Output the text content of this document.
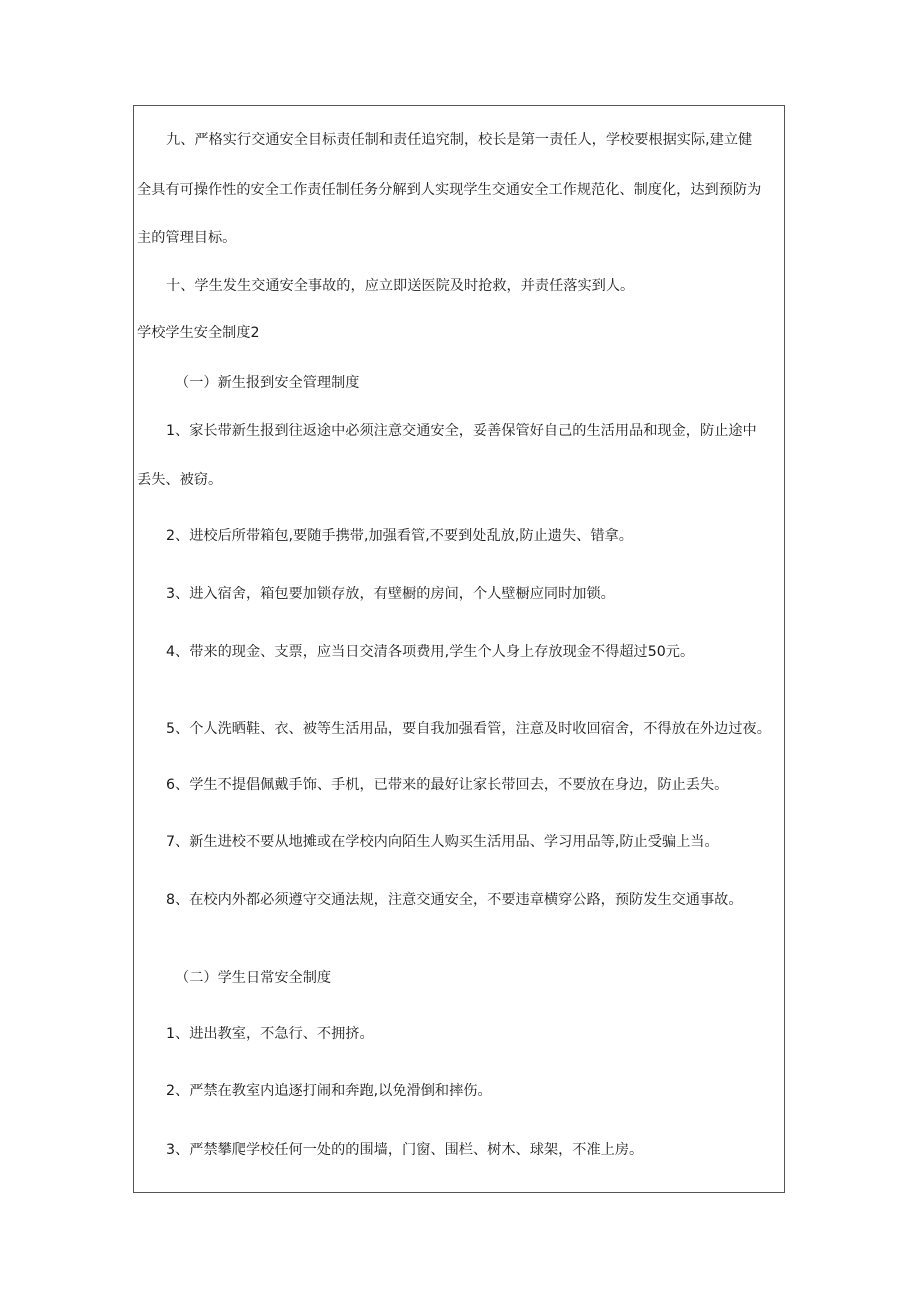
九、严格实行交通安全目标责任制和责任追究制，校长是第一责任人，学校要根据实际,建立健

全具有可操作性的安全工作责任制任务分解到人实现学生交通安全工作规范化、制度化，达到预防为

主的管理目标。

十、学生发生交通安全事故的，应立即送医院及时抢救，并责任落实到人。

学校学生安全制度2

（一）新生报到安全管理制度

1、家长带新生报到往返途中必须注意交通安全，妥善保管好自己的生活用品和现金，防止途中

丢失、被窃。

2、进校后所带箱包,要随手携带,加强看管,不要到处乱放,防止遗失、错拿。

3、进入宿舍，箱包要加锁存放，有壁橱的房间，个人壁橱应同时加锁。

4、带来的现金、支票，应当日交清各项费用,学生个人身上存放现金不得超过50元。

5、个人洗晒鞋、衣、被等生活用品，要自我加强看管，注意及时收回宿舍，不得放在外边过夜。

6、学生不提倡佩戴手饰、手机，已带来的最好让家长带回去，不要放在身边，防止丢失。

7、新生进校不要从地摊或在学校内向陌生人购买生活用品、学习用品等,防止受骗上当。

8、在校内外都必须遵守交通法规，注意交通安全，不要违章横穿公路，预防发生交通事故。

（二）学生日常安全制度

1、进出教室，不急行、不拥挤。

2、严禁在教室内追逐打闹和奔跑,以免滑倒和摔伤。

3、严禁攀爬学校任何一处的的围墙，门窗、围栏、树木、球架，不准上房。
